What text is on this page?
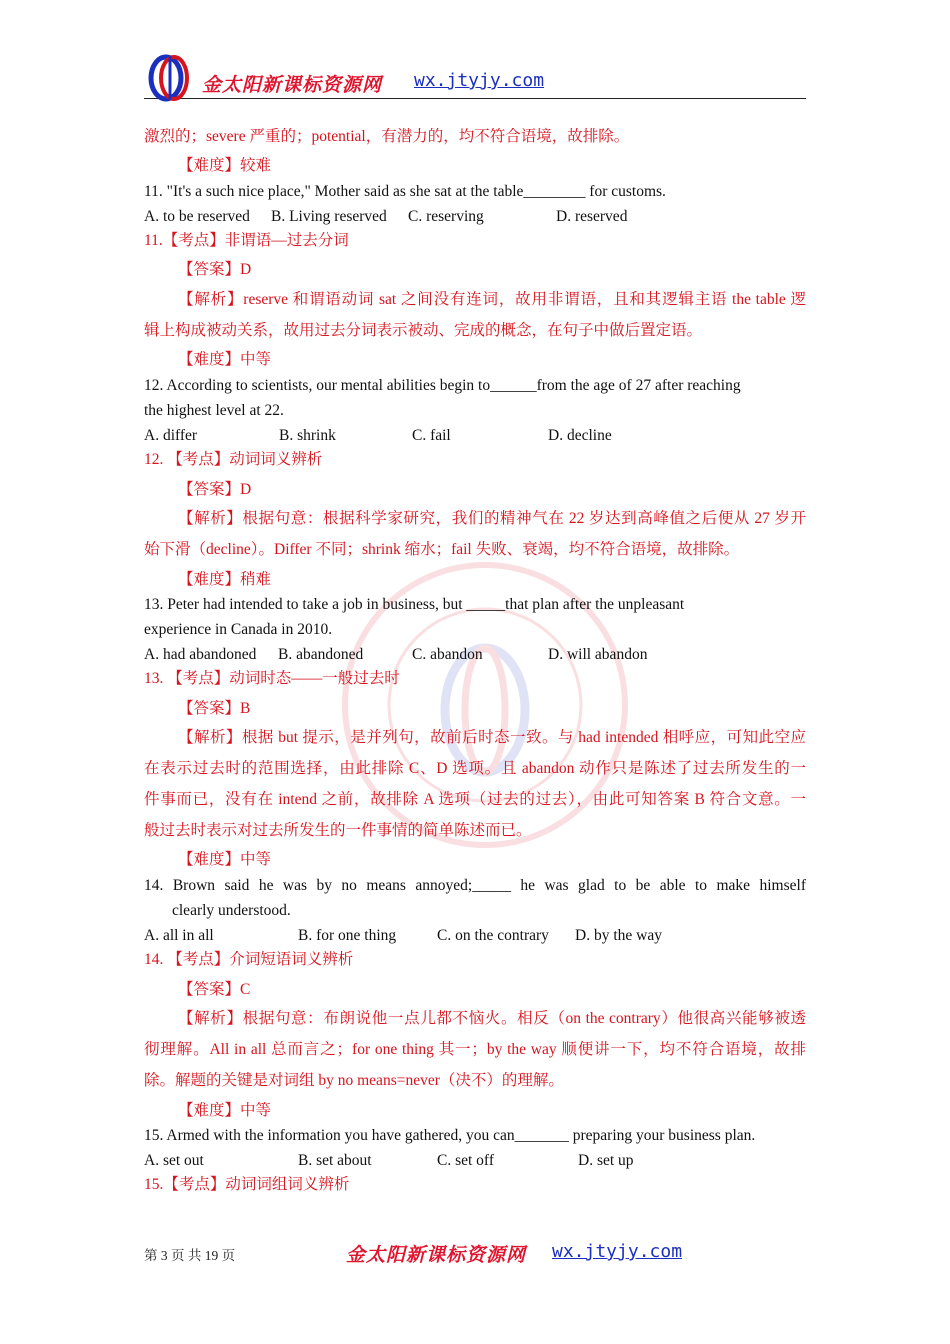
金太阳新课标资源网 wx.jtyjy.com
激烈的；severe 严重的；potential，有潜力的，均不符合语境，故排除。
【难度】较难
11. "It's a such nice place," Mother said as she sat at the table________ for customs.
A. to be reserved B. Living reserved C. reserving	D. reserved
11.【考点】非谓语—过去分词
【答案】D
【解析】reserve 和谓语动词 sat 之间没有连词，故用非谓语，且和其逻辑主语 the table 逻
辑上构成被动关系，故用过去分词表示被动、完成的概念，在句子中做后置定语。
【难度】中等
12. According to scientists, our mental abilities begin to______from the age of 27 after reaching
the highest level at 22.
A. differ	B. shrink	C. fail	D. decline
12. 【考点】动词词义辨析
【答案】D
【解析】根据句意：根据科学家研究，我们的精神气在 22 岁达到高峰值之后便从 27 岁开
始下滑（decline）。Differ 不同；shrink 缩水；fail 失败、衰竭，均不符合语境，故排除。
【难度】稍难
13. Peter had intended to take a job in business, but _____that plan after the unpleasant
experience in Canada in 2010.
A. had abandoned B. abandoned	C. abandon	D. will abandon
13. 【考点】动词时态——一般过去时
【答案】B
【解析】根据 but 提示，是并列句，故前后时态一致。与 had intended 相呼应，可知此空应
在表示过去时的范围选择，由此排除 C、D 选项。且 abandon 动作只是陈述了过去所发生的一
件事而已，没有在 intend 之前，故排除 A 选项（过去的过去），由此可知答案 B 符合文意。一
般过去时表示对过去所发生的一件事情的简单陈述而已。
【难度】中等
14. Brown said he was by no means annoyed;_____ he was glad to be able to make himself
clearly understood.
A. all in all	B. for one thing	C. on the contrary D. by the way
14. 【考点】介词短语词义辨析
【答案】C
【解析】根据句意：布朗说他一点儿都不恼火。相反（on the contrary）他很高兴能够被透
彻理解。All in all 总而言之；for one thing 其一；by the way 顺便讲一下，均不符合语境，故排
除。解题的关键是对词组 by no means=never（决不）的理解。
【难度】中等
15. Armed with the information you have gathered, you can_______ preparing your business plan.
A. set out	B. set about	C. set off	D. set up
15.【考点】动词词组词义辨析
第 3 页 共 19 页	金太阳新课标资源网 wx.jtyjy.com
